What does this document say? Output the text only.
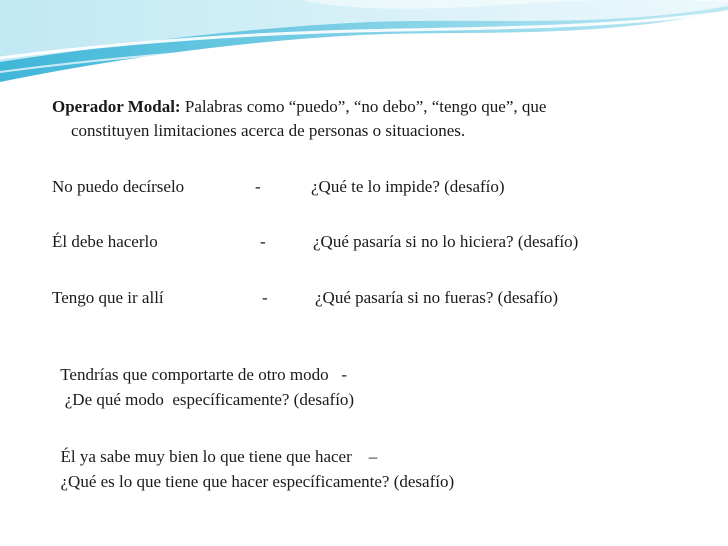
Operador Modal: Palabras como “puedo”, “no debo”, “tengo que”, que
constituyen limitaciones acerca de personas o situaciones.
No puedo decírselo	-	¿Qué te lo impide? (desafío)
Él debe hacerlo	-	¿Qué pasaría si no lo hiciera? (desafío)
Tengo que ir allí	-	¿Qué pasaría si no fueras? (desafío)

Tendrías que comportarte de otro modo   -

¿De qué modo  específicamente? (desafío)

Él ya sabe muy bien lo que tiene que hacer    –

¿Qué es lo que tiene que hacer específicamente? (desafío)
